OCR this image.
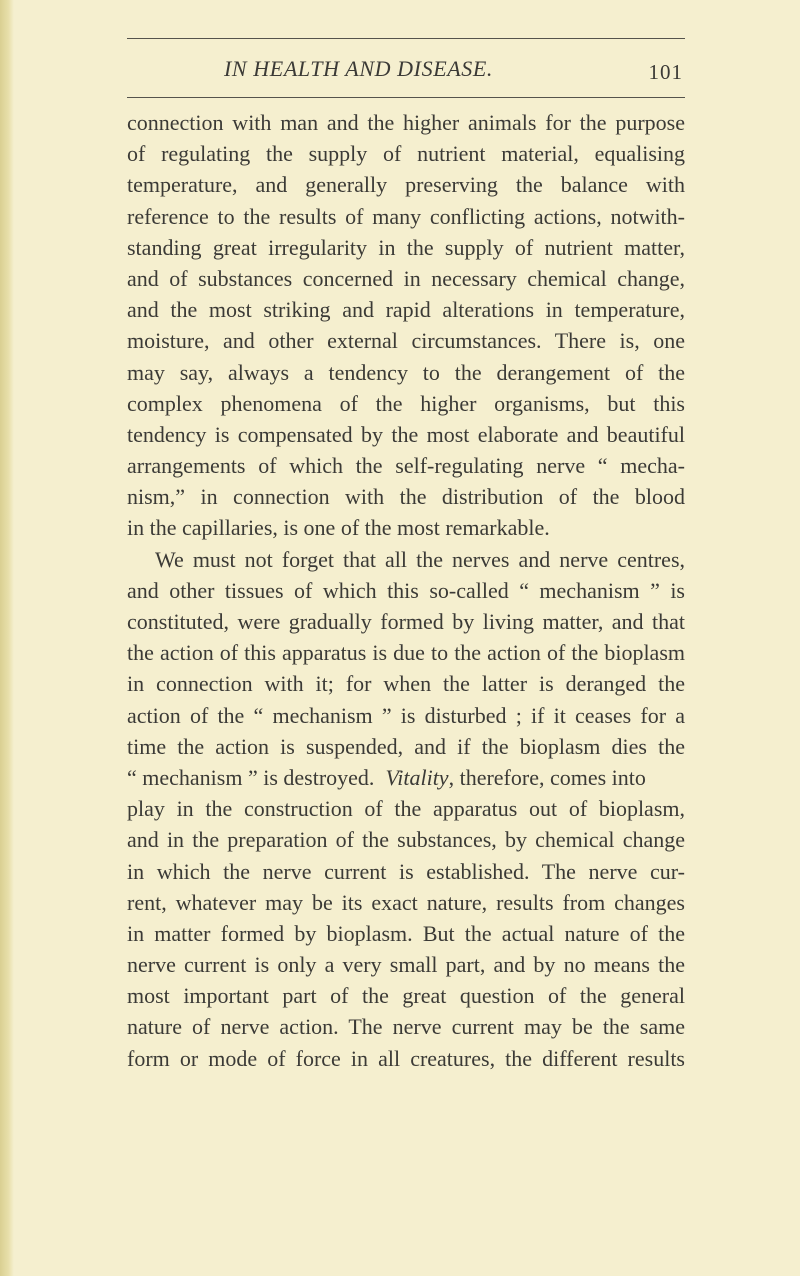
IN HEALTH AND DISEASE.	101
connection with man and the higher animals for the purpose
of regulating the supply of nutrient material, equalising
temperature, and generally preserving the balance with
reference to the results of many conflicting actions, notwith-
standing great irregularity in the supply of nutrient matter,
and of substances concerned in necessary chemical change,
and the most striking and rapid alterations in temperature,
moisture, and other external circumstances. There is, one
may say, always a tendency to the derangement of the
complex phenomena of the higher organisms, but this
tendency is compensated by the most elaborate and beautiful
arrangements of which the self-regulating nerve “ mecha-
nism,” in connection with the distribution of the blood
in the capillaries, is one of the most remarkable.
We must not forget that all the nerves and nerve centres,
and other tissues of which this so-called “ mechanism ” is
constituted, were gradually formed by living matter, and that
the action of this apparatus is due to the action of the bioplasm
in connection with it; for when the latter is deranged the
action of the “ mechanism ” is disturbed ; if it ceases for a
time the action is suspended, and if the bioplasm dies the
“ mechanism ” is destroyed. Vitality, therefore, comes into
play in the construction of the apparatus out of bioplasm,
and in the preparation of the substances, by chemical change
in which the nerve current is established. The nerve cur-
rent, whatever may be its exact nature, results from changes
in matter formed by bioplasm. But the actual nature of the
nerve current is only a very small part, and by no means the
most important part of the great question of the general
nature of nerve action. The nerve current may be the same
form or mode of force in all creatures, the different results
